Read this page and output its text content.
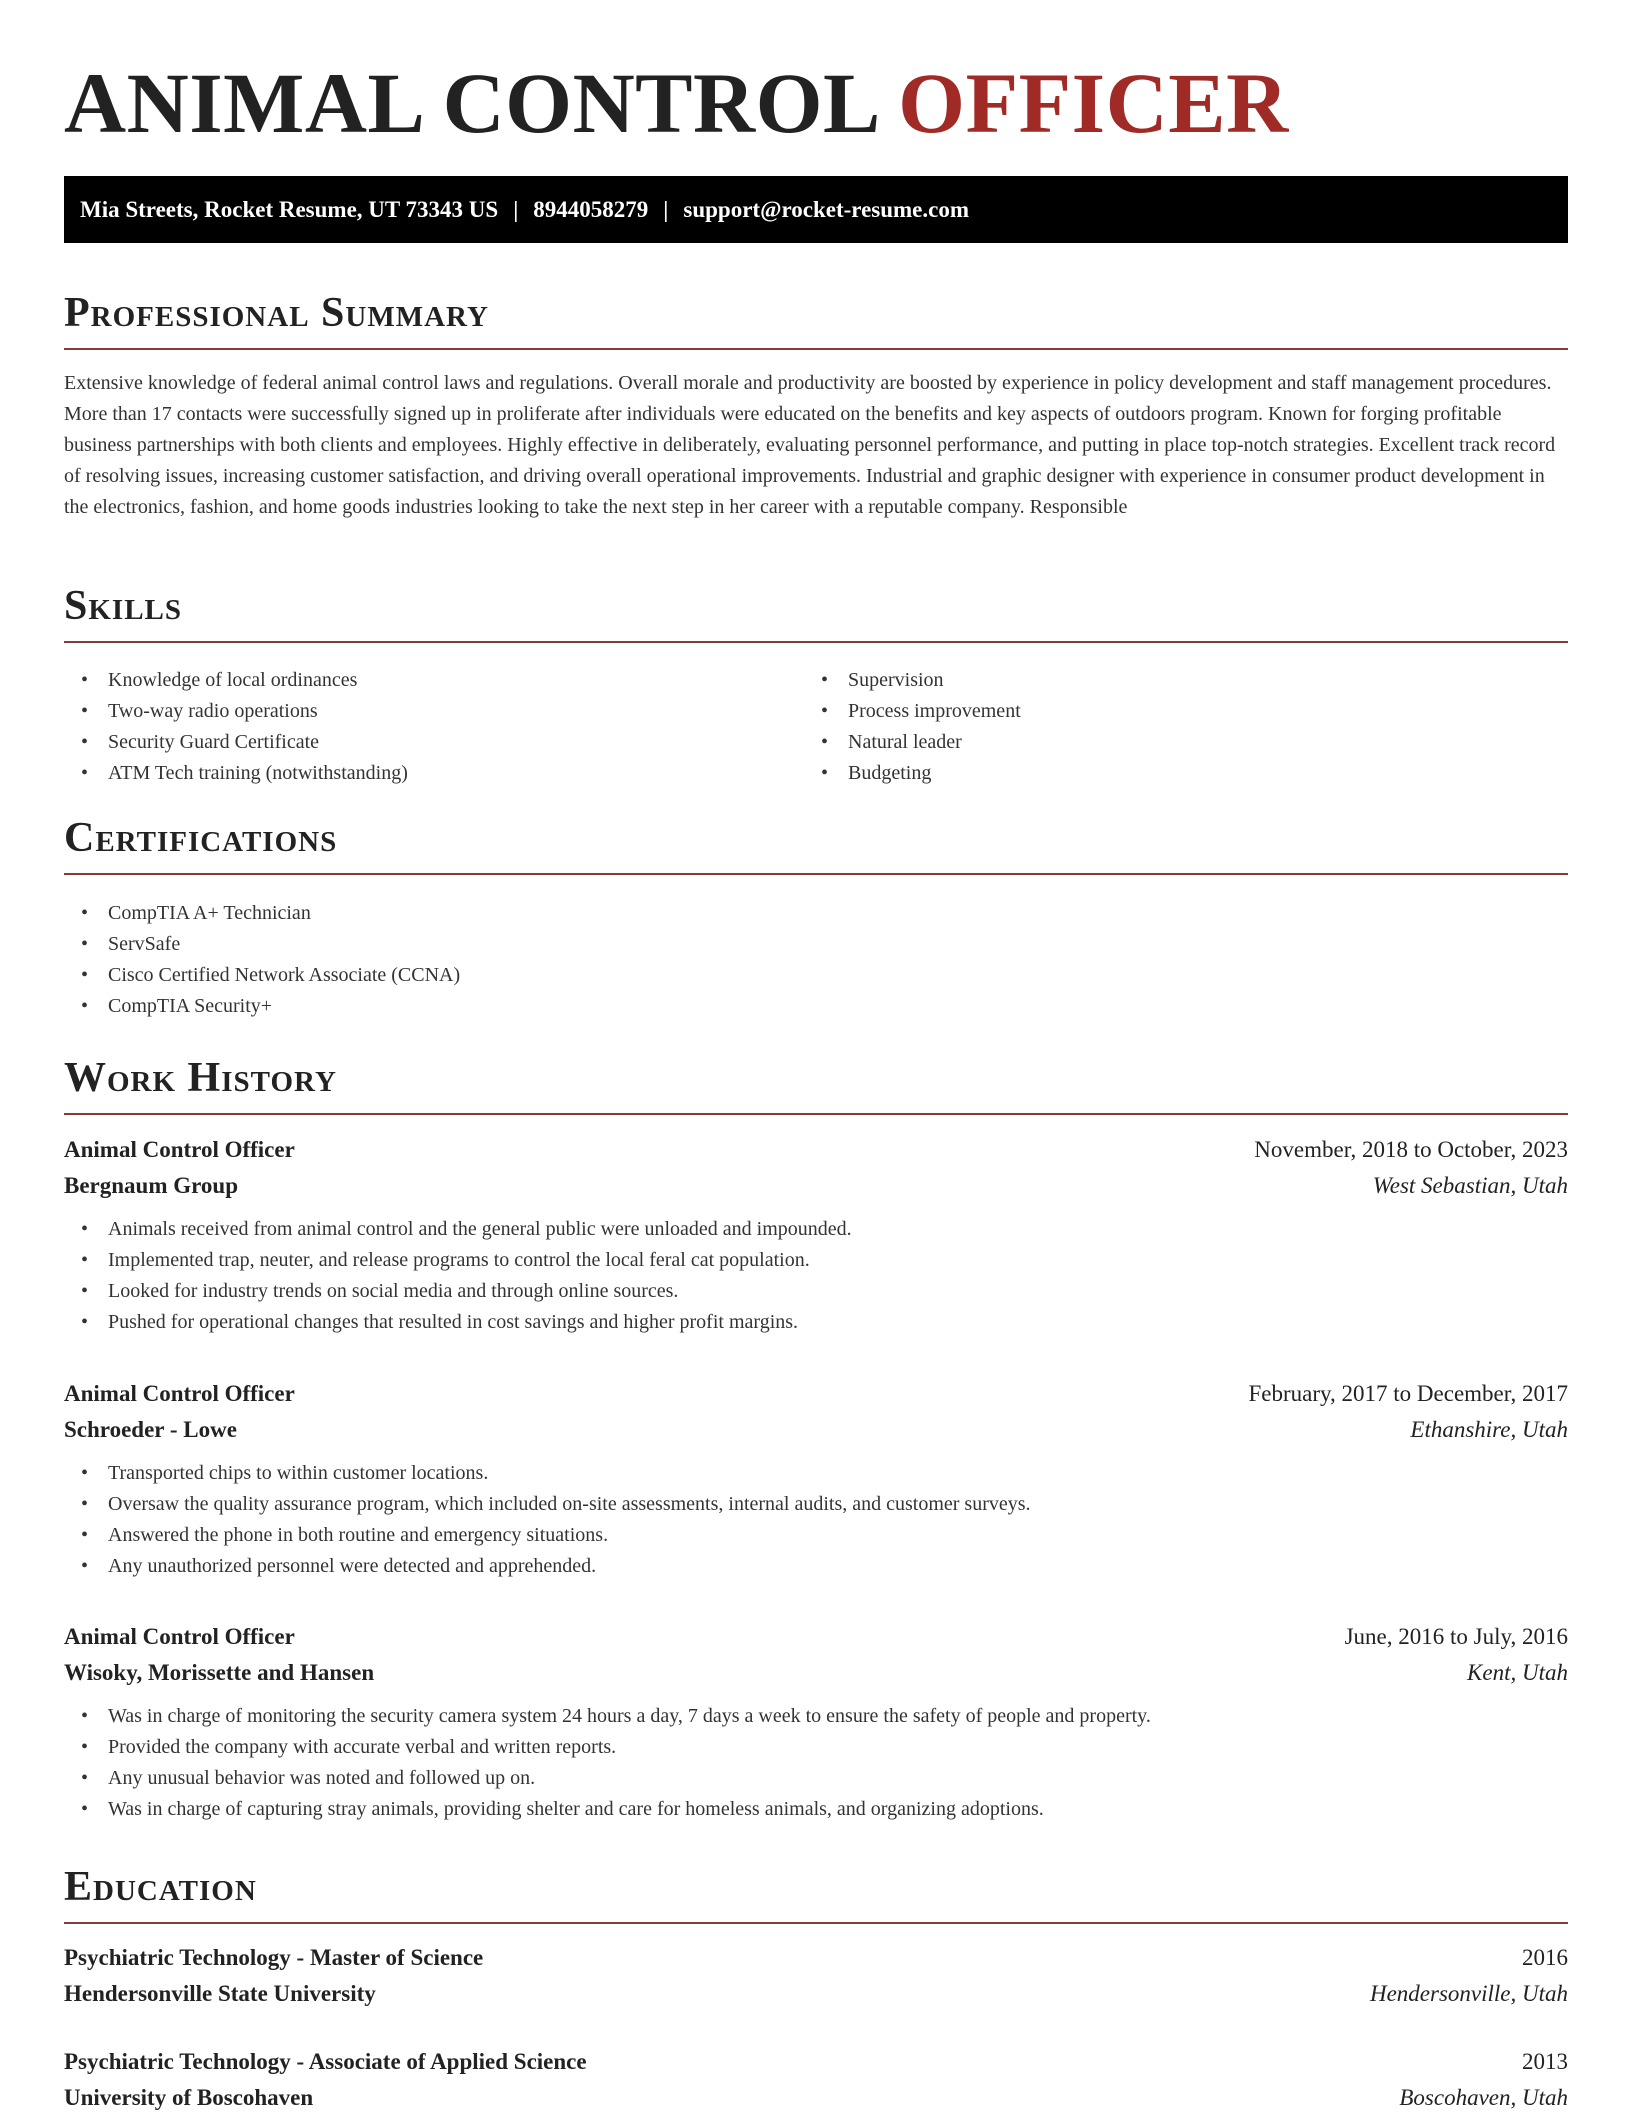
ANIMAL CONTROL OFFICER
Mia Streets, Rocket Resume, UT 73343 US | 8944058279 | support@rocket-resume.com
Professional Summary

Extensive knowledge of federal animal control laws and regulations. Overall morale and productivity are boosted by experience in policy development and staff management procedures. More than 17 contacts were successfully signed up in proliferate after individuals were educated on the benefits and key aspects of outdoors program. Known for forging profitable business partnerships with both clients and employees. Highly effective in deliberately, evaluating personnel performance, and putting in place top-notch strategies. Excellent track record of resolving issues, increasing customer satisfaction, and driving overall operational improvements. Industrial and graphic designer with experience in consumer product development in the electronics, fashion, and home goods industries looking to take the next step in her career with a reputable company. Responsible

Skills
• Knowledge of local ordinances
• Two-way radio operations
• Security Guard Certificate
• ATM Tech training (notwithstanding)
• Supervision
• Process improvement
• Natural leader
• Budgeting
Certifications
• CompTIA A+ Technician
• ServSafe
• Cisco Certified Network Associate (CCNA)
• CompTIA Security+
Work History
Animal Control Officer	November, 2018 to October, 2023
Bergnaum Group	West Sebastian, Utah
• Animals received from animal control and the general public were unloaded and impounded.
• Implemented trap, neuter, and release programs to control the local feral cat population.
• Looked for industry trends on social media and through online sources.
• Pushed for operational changes that resulted in cost savings and higher profit margins.
Animal Control Officer	February, 2017 to December, 2017
Schroeder - Lowe	Ethanshire, Utah
• Transported chips to within customer locations.
• Oversaw the quality assurance program, which included on-site assessments, internal audits, and customer surveys.
• Answered the phone in both routine and emergency situations.
• Any unauthorized personnel were detected and apprehended.
Animal Control Officer	June, 2016 to July, 2016
Wisoky, Morissette and Hansen	Kent, Utah
• Was in charge of monitoring the security camera system 24 hours a day, 7 days a week to ensure the safety of people and property.
• Provided the company with accurate verbal and written reports.
• Any unusual behavior was noted and followed up on.
• Was in charge of capturing stray animals, providing shelter and care for homeless animals, and organizing adoptions.
Education
Psychiatric Technology - Master of Science	2016
Hendersonville State University	Hendersonville, Utah
Psychiatric Technology - Associate of Applied Science	2013
University of Boscohaven	Boscohaven, Utah
